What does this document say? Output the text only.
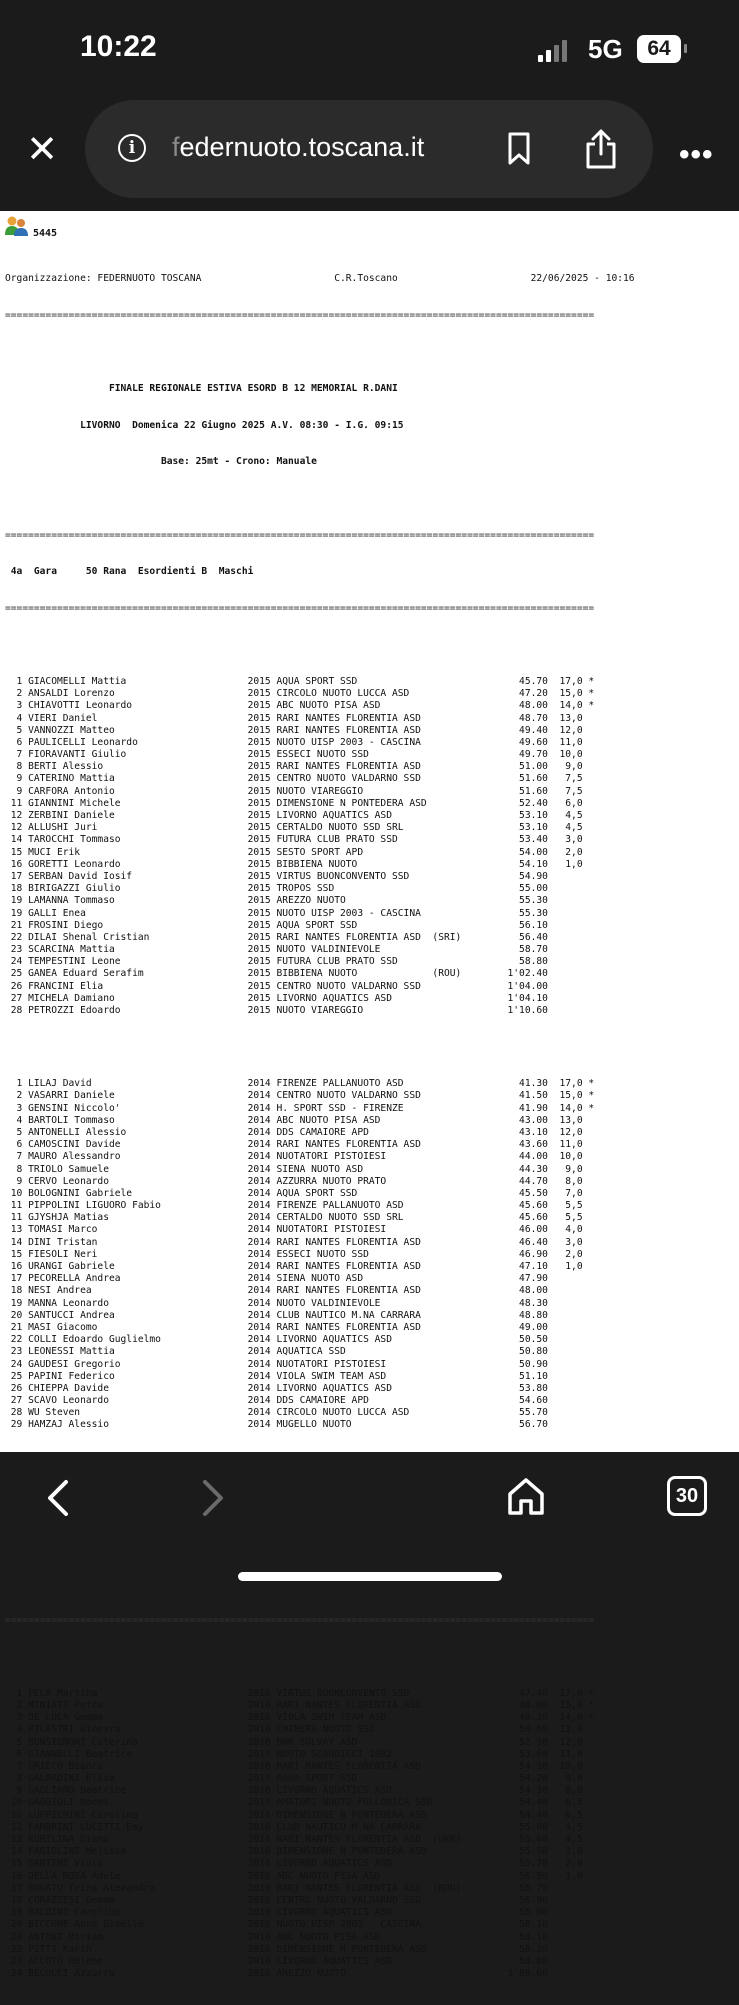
10:22	5G	64
✕	i	federnuoto.toscana.it	•••
5445

Organizzazione: FEDERNUOTO TOSCANA                       C.R.Toscano                       22/06/2025 - 10:16

======================================================================================================

FINALE REGIONALE ESTIVA ESORD B 12 MEMORIAL R.DANI

LIVORNO  Domenica 22 Giugno 2025 A.V. 08:30 - I.G. 09:15

Base: 25mt - Crono: Manuale

======================================================================================================

4a  Gara     50 Rana  Esordienti B  Maschi

======================================================================================================

1 GIACOMELLI Mattia                     2015 AQUA SPORT SSD                            45.70  17,0 *
2 ANSALDI Lorenzo                       2015 CIRCOLO NUOTO LUCCA ASD                   47.20  15,0 *
3 CHIAVOTTI Leonardo                    2015 ABC NUOTO PISA ASD                        48.00  14,0 *
4 VIERI Daniel                          2015 RARI NANTES FLORENTIA ASD                 48.70  13,0
5 VANNOZZI Matteo                       2015 RARI NANTES FLORENTIA ASD                 49.40  12,0
6 PAULICELLI Leonardo                   2015 NUOTO UISP 2003 - CASCINA                 49.60  11,0
7 FIORAVANTI Giulio                     2015 ESSECI NUOTO SSD                          49.70  10,0
8 BERTI Alessio                         2015 RARI NANTES FLORENTIA ASD                 51.00   9,0
9 CATERINO Mattia                       2015 CENTRO NUOTO VALDARNO SSD                 51.60   7,5
9 CARFORA Antonio                       2015 NUOTO VIAREGGIO                           51.60   7,5
11 GIANNINI Michele                      2015 DIMENSIONE N PONTEDERA ASD                52.40   6,0
12 ZERBINI Daniele                       2015 LIVORNO AQUATICS ASD                      53.10   4,5
12 ALLUSHI Juri                          2015 CERTALDO NUOTO SSD SRL                    53.10   4,5
14 TAROCCHI Tommaso                      2015 FUTURA CLUB PRATO SSD                     53.40   3,0
15 MUCI Erik                             2015 SESTO SPORT APD                           54.00   2,0
16 GORETTI Leonardo                      2015 BIBBIENA NUOTO                            54.10   1,0
17 SERBAN David Iosif                    2015 VIRTUS BUONCONVENTO SSD                   54.90
18 BIRIGAZZI Giulio                      2015 TROPOS SSD                                55.00
19 LAMANNA Tommaso                       2015 AREZZO NUOTO                              55.30
19 GALLI Enea                            2015 NUOTO UISP 2003 - CASCINA                 55.30
21 FROSINI Diego                         2015 AQUA SPORT SSD                            56.10
22 DILAI Shenal Cristian                 2015 RARI NANTES FLORENTIA ASD  (SRI)          56.40
23 SCARCINA Mattia                       2015 NUOTO VALDINIEVOLE                        58.70
24 TEMPESTINI Leone                      2015 FUTURA CLUB PRATO SSD                     58.80
25 GANEA Eduard Serafim                  2015 BIBBIENA NUOTO             (ROU)        1'02.40
26 FRANCINI Elia                         2015 CENTRO NUOTO VALDARNO SSD               1'04.00
27 MICHELA Damiano                       2015 LIVORNO AQUATICS ASD                    1'04.10
28 PETROZZI Edoardo                      2015 NUOTO VIAREGGIO                         1'10.60

1 LILAJ David                           2014 FIRENZE PALLANUOTO ASD                    41.30  17,0 *
2 VASARRI Daniele                       2014 CENTRO NUOTO VALDARNO SSD                 41.50  15,0 *
3 GENSINI Niccolo'                      2014 H. SPORT SSD - FIRENZE                    41.90  14,0 *
4 BARTOLI Tommaso                       2014 ABC NUOTO PISA ASD                        43.00  13,0
5 ANTONELLI Alessio                     2014 DDS CAMAIORE APD                          43.10  12,0
6 CAMOSCINI Davide                      2014 RARI NANTES FLORENTIA ASD                 43.60  11,0
7 MAURO Alessandro                      2014 NUOTATORI PISTOIESI                       44.00  10,0
8 TRIOLO Samuele                        2014 SIENA NUOTO ASD                           44.30   9,0
9 CERVO Leonardo                        2014 AZZURRA NUOTO PRATO                       44.70   8,0
10 BOLOGNINI Gabriele                    2014 AQUA SPORT SSD                            45.50   7,0
11 PIPPOLINI LIGUORO Fabio               2014 FIRENZE PALLANUOTO ASD                    45.60   5,5
11 GJYSHJA Matias                        2014 CERTALDO NUOTO SSD SRL                    45.60   5,5
13 TOMASI Marco                          2014 NUOTATORI PISTOIESI                       46.00   4,0
14 DINI Tristan                          2014 RARI NANTES FLORENTIA ASD                 46.40   3,0
15 FIESOLI Neri                          2014 ESSECI NUOTO SSD                          46.90   2,0
16 URANGI Gabriele                       2014 RARI NANTES FLORENTIA ASD                 47.10   1,0
17 PECORELLA Andrea                      2014 SIENA NUOTO ASD                           47.90
18 NESI Andrea                           2014 RARI NANTES FLORENTIA ASD                 48.00
19 MANNA Leonardo                        2014 NUOTO VALDINIEVOLE                        48.30
20 SANTUCCI Andrea                       2014 CLUB NAUTICO M.NA CARRARA                 48.80
21 MASI Giacomo                          2014 RARI NANTES FLORENTIA ASD                 49.00
22 COLLI Edoardo Guglielmo               2014 LIVORNO AQUATICS ASD                      50.50
23 LEONESSI Mattia                       2014 AQUATICA SSD                              50.80
24 GAUDESI Gregorio                      2014 NUOTATORI PISTOIESI                       50.90
25 PAPINI Federico                       2014 VIOLA SWIM TEAM ASD                       51.10
26 CHIEPPA Davide                        2014 LIVORNO AQUATICS ASD                      53.80
27 SCAVO Leonardo                        2014 DDS CAMAIORE APD                          54.60
28 WU Steven                             2014 CIRCOLO NUOTO LUCCA ASD                   55.70
29 HAMZAJ Alessio                        2014 MUGELLO NUOTO                             56.70

======================================================================================================

1 PELA Martina                          2016 VIRTUS BUONCONVENTO SSD                   47.40  17,0 *
2 MINIATI Petra                         2016 RARI NANTES FLORENTIA ASD                 48.00  15,0 *
3 DE LUCA Gemma                         2016 VIOLA SWIM TEAM ASD                       48.30  14,0 *
4 PILASTRI Ginevra                      2016 CHIMERA NUOTO SSD                         50.60  13,0
5 BONSIGNORI Caterina                   2016 BWR SOLVAY ASD                            52.10  12,0
6 GIANNELLI Beatrice                    2016 NUOTO SCANDICCI 1982                      53.60  11,0
7 GRIECO Bianca                         2016 RARI NANTES FLORENTIA ASD                 54.10  10,0
8 GALARDINI Elisa                       2016 AQUA SPORT SSD                            54.20   9,0
9 GAGLIANO Beatrice                     2016 LIVORNO AQUATICS ASD                      54.30   8,0
10 GAGGIOLI Noemi                        2016 AMATORI NUOTO FOLLONICA SSD               54.40   6,5
10 LUPPICHINI Carolina                   2016 DIMENSIONE N PONTEDERA ASD                54.40   6,5
12 FAMBRINI LUCETTI Emy                  2016 CLUB NAUTICO M.NA CARRARA                 55.00   4,5
12 KURILINA Diana                        2016 RARI NANTES FLORENTIA ASD  (UKR)          55.00   4,5
14 FAGIOLINI Melissa                     2016 DIMENSIONE N PONTEDERA ASD                55.50   3,0
15 SANTINI Viola                         2016 LIVORNO AQUATICS ASD                      55.70   2,0
16 DELLA ROSA Adele                      2016 ABC NUOTO PISA ASD                        56.50   1,0
17 BOGATU Irina Alexandra                2016 RARI NANTES FLORENTIA ASD  (ROU)          56.70
18 CORAZZESI Gemma                       2016 CENTRO NUOTO VALDARNO SSD                 56.90
18 BALDINI Caroline                      2016 LIVORNO AQUATICS ASD                      56.90
20 BICCONE Anna Giselle                  2016 NUOTO UISP 2003 - CASCINA                 58.10
20 ANTONI Miriam                         2016 ABC NUOTO PISA ASD                        58.10
22 PITTI Karin                           2016 DIMENSIONE N PONTEDERA ASD                58.20
23 ACCOTO Helene                         2016 LIVORNO AQUATICS ASD                      58.80
24 BECUCCI Azzurra                       2016 AREZZO NUOTO                            1'00.60

30
